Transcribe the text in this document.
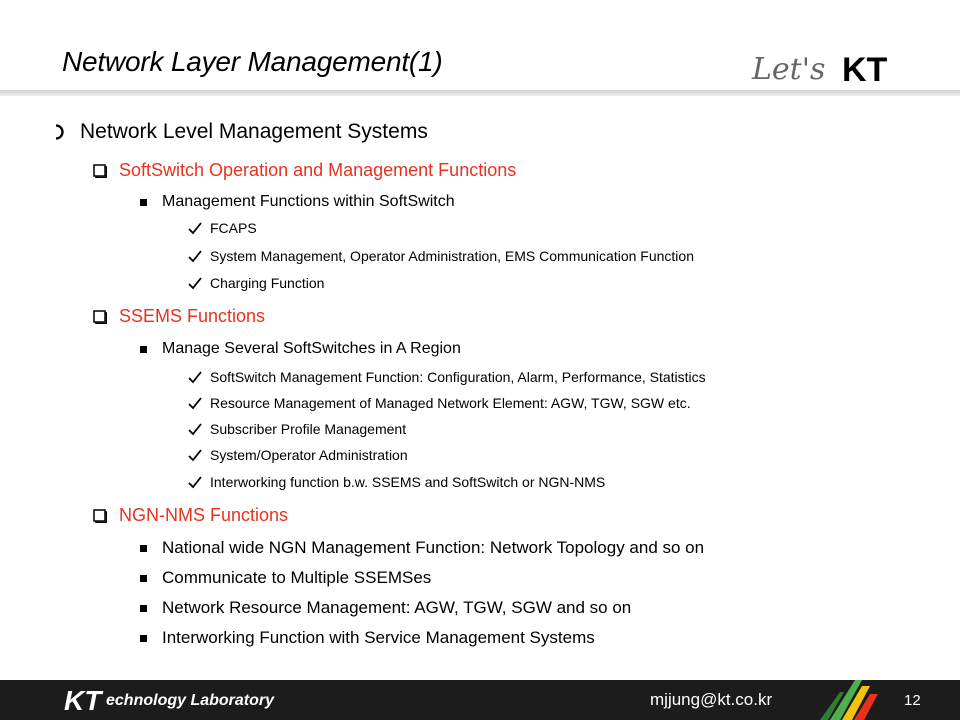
Network Layer Management(1)	Let's KT
Network Level Management Systems
SoftSwitch Operation and Management Functions
Management Functions within SoftSwitch
FCAPS
System Management, Operator Administration, EMS Communication Function
Charging Function
SSEMS Functions
Manage Several SoftSwitches in A Region
SoftSwitch Management Function: Configuration, Alarm, Performance, Statistics
Resource Management of Managed Network Element: AGW, TGW, SGW etc.
Subscriber Profile Management
System/Operator Administration
Interworking function b.w. SSEMS and SoftSwitch or NGN-NMS
NGN-NMS Functions
National wide NGN Management Function: Network Topology and so on
Communicate to Multiple SSEMSes
Network Resource Management: AGW, TGW, SGW and so on
Interworking Function with Service Management Systems
KT echnology Laboratory	mjjung@kt.co.kr	12
